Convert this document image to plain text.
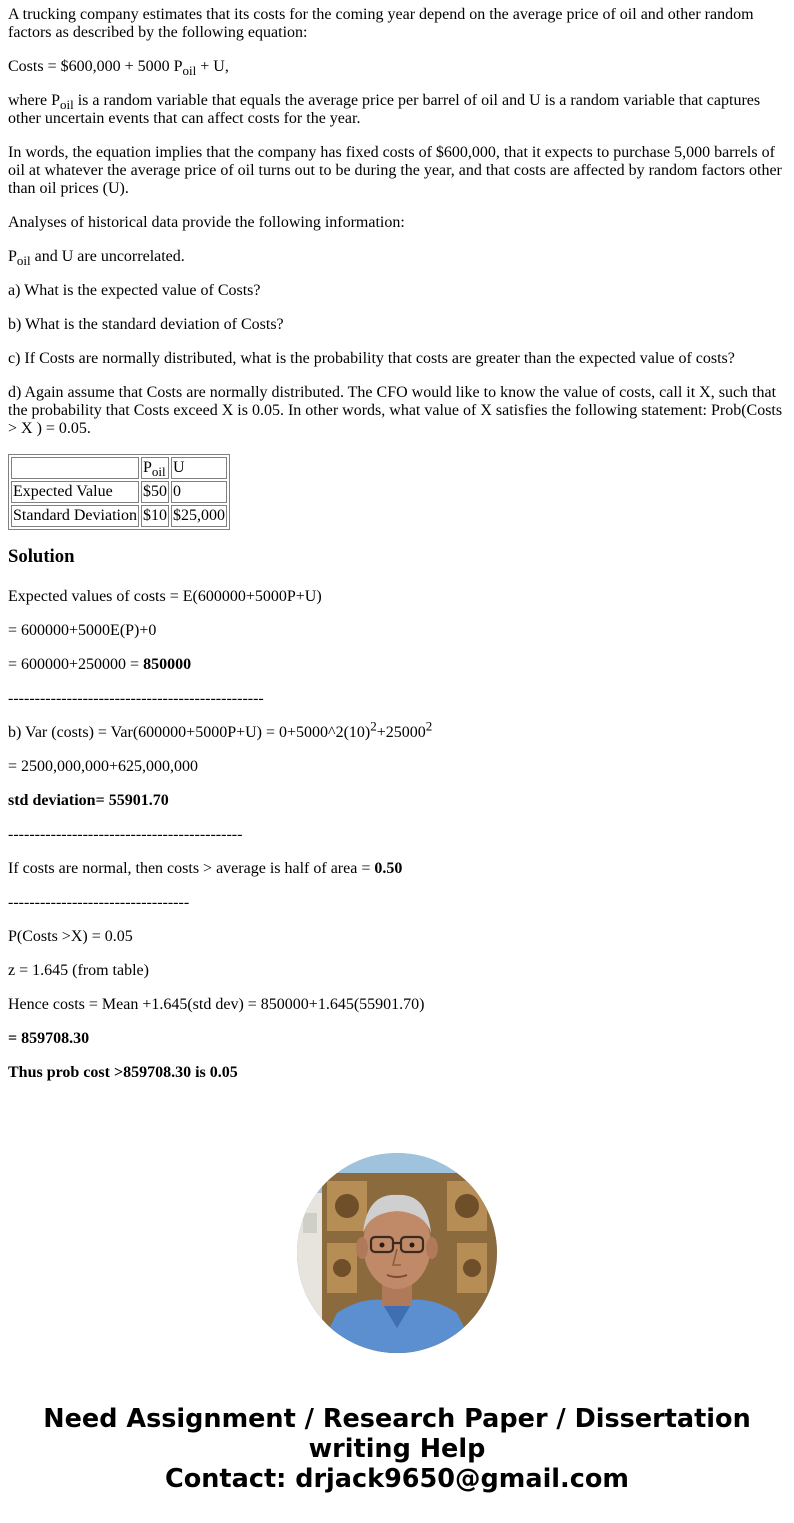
A trucking company estimates that its costs for the coming year depend on the average price of oil and other random factors as described by the following equation:

Costs = $600,000 + 5000 $P_{oil} + U$,

where $P_{oil}$ is a random variable that equals the average price per barrel of oil and U is a random variable that captures other uncertain events that can affect costs for the year.

In words, the equation implies that the company has fixed costs of $600,000, that it expects to purchase 5,000 barrels of oil at whatever the average price of oil turns out to be during the year, and that costs are affected by random factors other than oil prices (U).

Analyses of historical data provide the following information:

$P_{oil}$ and U are uncorrelated.

a) What is the expected value of Costs?

b) What is the standard deviation of Costs?

c) If Costs are normally distributed, what is the probability that costs are greater than the expected value of costs?

d) Again assume that Costs are normally distributed. The CFO would like to know the value of costs, call it X, such that the probability that Costs exceed X is 0.05. In other words, what value of X satisfies the following statement: Prob(Costs > X ) = 0.05.

	$P_{oil}$	U
Expected Value	$50	0
Standard Deviation	$10	$25,000
Solution

Expected values of costs = E(600000+5000P+U)

= 600000+5000E(P)+0

= 600000+250000 = 850000

------------------------------------------------

b) Var (costs) = $Var(600000+5000P+U) = 0+5000\^{}2(10)^2+25000^2$

= 2500,000,000+625,000,000

std deviation= 55901.70

--------------------------------------------

If costs are normal, then costs > average is half of area = 0.50

----------------------------------

P(Costs >X) = 0.05

z = 1.645 (from table)

Hence costs = Mean +1.645(std dev) = 850000+1.645(55901.70)

= 859708.30

Thus prob cost >859708.30 is 0.05

Need Assignment / Research Paper / Dissertation
writing Help
Contact: drjack9650@gmail.com
